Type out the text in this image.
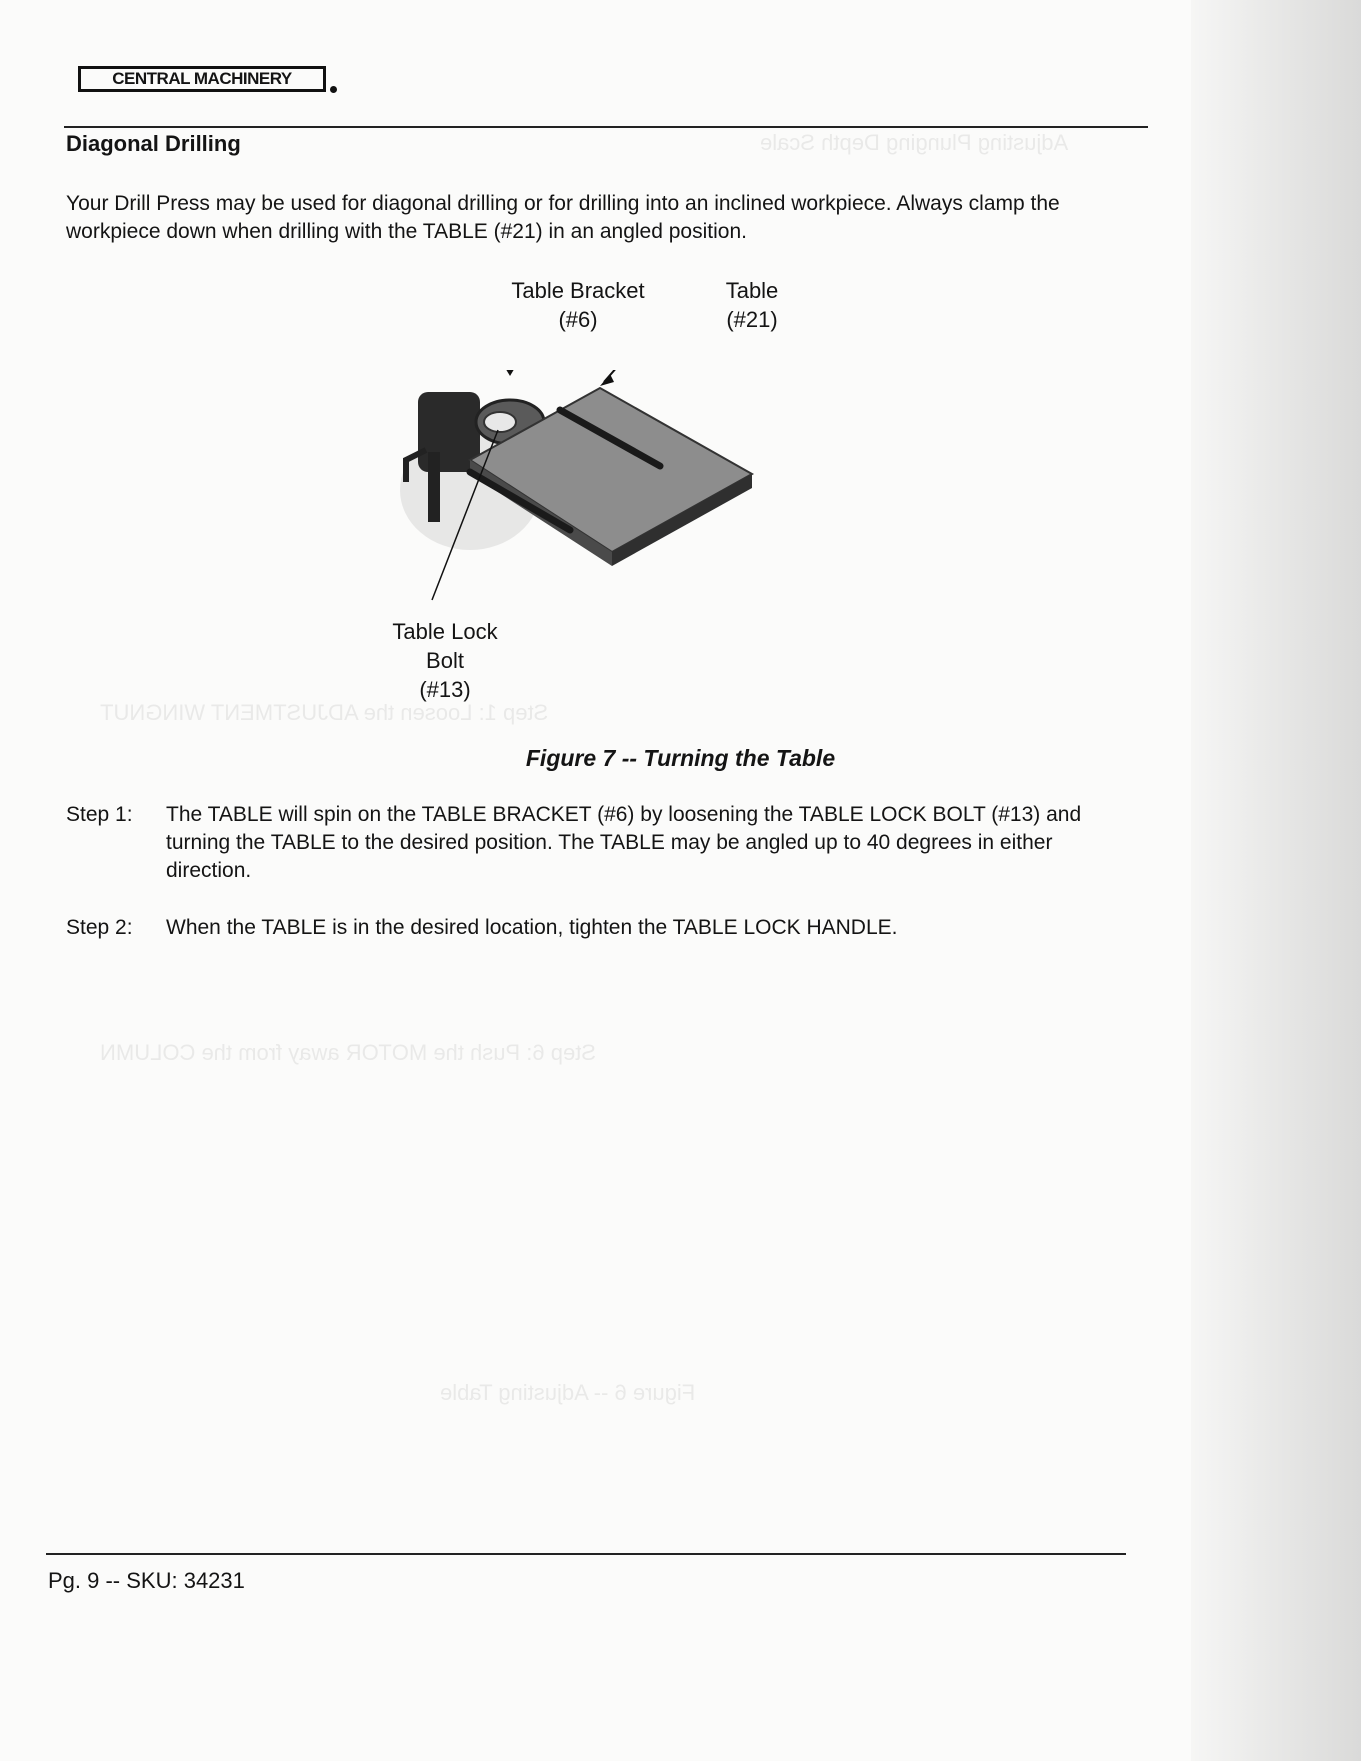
Adjusting Plunging Depth Scale
Step 1: Loosen the ADJUSTMENT WINGNUT
Step 6: Push the MOTOR away from the COLUMN
Figure 6 -- Adjusting Table
CENTRAL MACHINERY
Diagonal Drilling
Your Drill Press may be used for diagonal drilling or for drilling into an inclined workpiece. Always clamp the workpiece down when drilling with the TABLE (#21) in an angled position.
Table Bracket
(#6)
Table
(#21)
Table Lock
Bolt
(#13)
Figure 7 -- Turning the Table
Step 1: The TABLE will spin on the TABLE BRACKET (#6) by loosening the TABLE LOCK BOLT (#13) and turning the TABLE to the desired position. The TABLE may be angled up to 40 degrees in either direction.
Step 2: When the TABLE is in the desired location, tighten the TABLE LOCK HANDLE.
Pg. 9 -- SKU: 34231
